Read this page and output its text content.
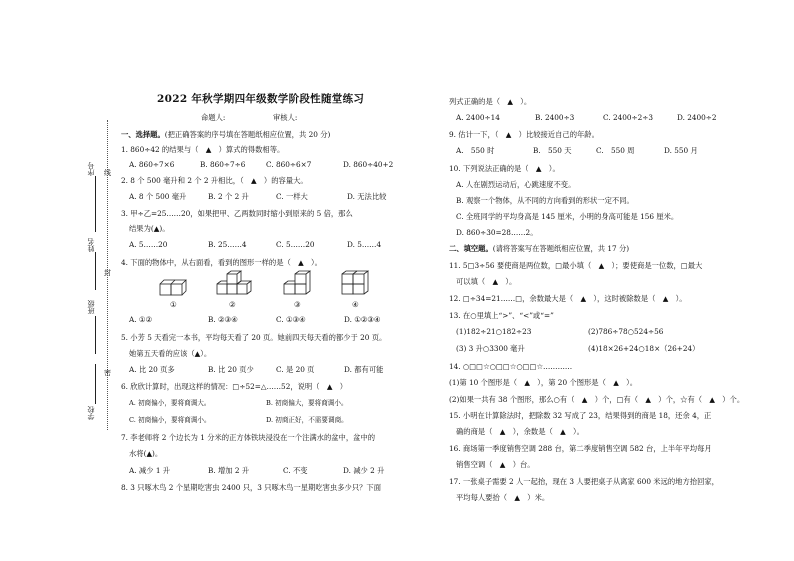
序号
姓名
班级
学校
线
封
密
2022 年秋学期四年级数学阶段性随堂练习
命题人:	审核人:
一、选择题。(把正确答案的序号填在答题纸相应位置，共 20 分)
1. 860÷42 的结果与（　▲　）算式的得数相等。
A. 860÷7×6	B. 860÷7÷6	C. 860÷6×7	D. 860÷40+2
2. 8 个 500 毫升和 2 个 2 升相比，（　▲　）的容量大。
A. 8 个 500 毫升	B. 2 个 2 升	C. 一样大	D. 无法比较
3. 甲÷乙=25……20，如果把甲、乙两数同时缩小到原来的 5 倍，那么
结果为(▲)。
A. 5……20	B. 25……4	C. 5……20	D. 5……4
4. 下面的物体中，从右面看，看到的图形一样的是（　▲　）。
①	②	③	④
A. ①②	B. ②③④	C. ①③④	D. ①②③④
5. 小芳 5 天看完一本书，平均每天看了 20 页。她前四天每天看的都少于 20 页。
她第五天看的应该（▲）。
A. 比 20 页多	B. 比 20 页少	C. 是 20 页	D. 都有可能
6. 欣欣计算时，出现这样的情况：□÷52=△……52，说明（　▲　）
A. 初商偏小，要将商调大。	B. 初商偏大，要将商调小。
C. 初商偏小，要将商调小。	D. 初商正好，不需要调商。
7. 李老师将 2 个边长为 1 分米的正方体铁块浸没在一个注满水的盆中，盆中的
水将(▲)。
A. 减少 1 升	B. 增加 2 升	C. 不变	D. 减少 2 升
8. 3 只啄木鸟 2 个星期吃害虫 2400 只，3 只啄木鸟一星期吃害虫多少只？下面
列式正确的是（　▲　）。
A. 2400÷14	B. 2400÷3	C. 2400÷2÷3	D. 2400÷2
9. 估计一下，（　▲　）比较接近自己的年龄。
A.　550 时	B.　550 天	C.　550 周	D. 550 月
10. 下列说法正确的是（　▲　）。
A. 人在剧烈运动后，心跳速度不变。
B. 观察一个物体，从不同的方向看到的形状一定不同。
C. 全班同学的平均身高是 145 厘米，小明的身高可能是 156 厘米。
D. 860÷30=28……2。
二、填空题。(请将答案写在答题纸相应位置，共 17 分)
11. 5□3÷56 要使商是两位数，□最小填（　▲　）；要使商是一位数，□最大
可以填（　▲　）。
12. □÷34=21……□，余数最大是（　▲　），这时被除数是（　▲　）。
13. 在○里填上“>”、“<”或“=”
(1)182÷21○182÷23	(2)786÷78○524÷56
(3) 3 升○3300 毫升	(4)18×26+24○18×（26+24）
14. ○□□☆○□□☆○□□☆…………
(1)第 10 个图形是（　▲　），第 20 个图形是（　▲　）。
(2)如果一共有 38 个图形，那么○有（　▲　）个，□有（　▲　）个，☆有（　▲　）个。
15. 小明在计算除法时，把除数 32 写成了 23，结果得到的商是 18，还余 4，正
确的商是（　▲　），余数是（　▲　）。
16. 商场第一季度销售空调 288 台，第二季度销售空调 582 台，上半年平均每月
销售空调（　▲　）台。
17. 一张桌子需要 2 人一起抬，现在 3 人要把桌子从离家 600 米远的地方抬回家，
平均每人要抬（　▲　）米。
